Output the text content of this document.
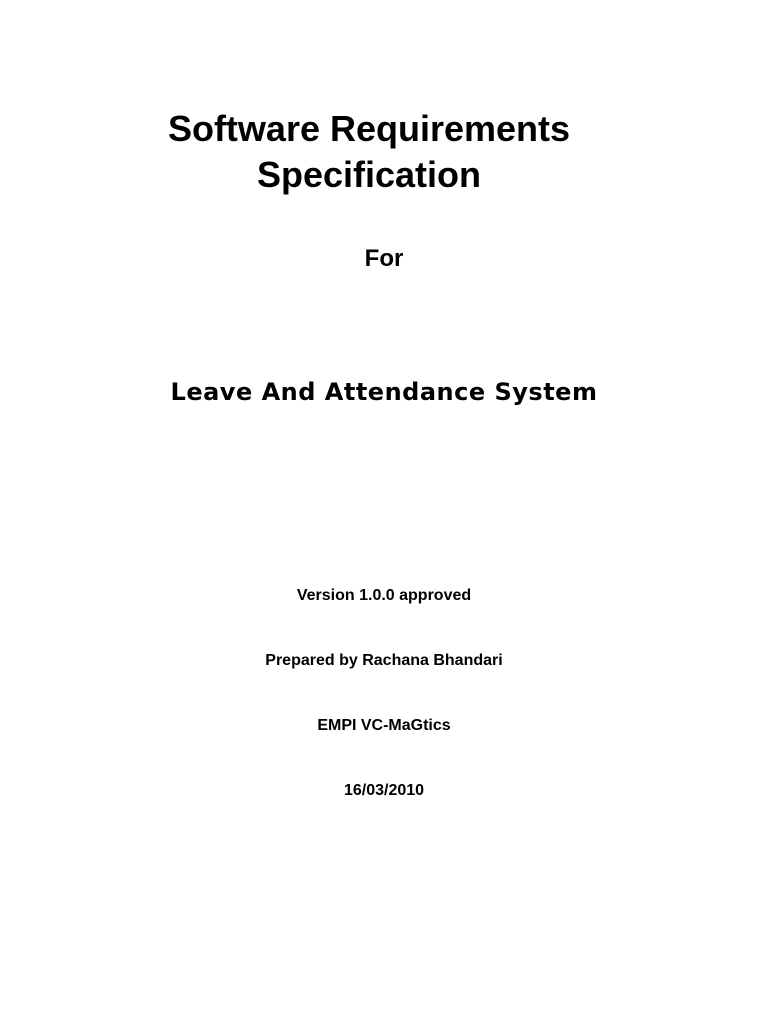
Software Requirements
Specification
For
Leave And Attendance System
Version 1.0.0 approved
Prepared by Rachana Bhandari
EMPI VC-MaGtics
16/03/2010
